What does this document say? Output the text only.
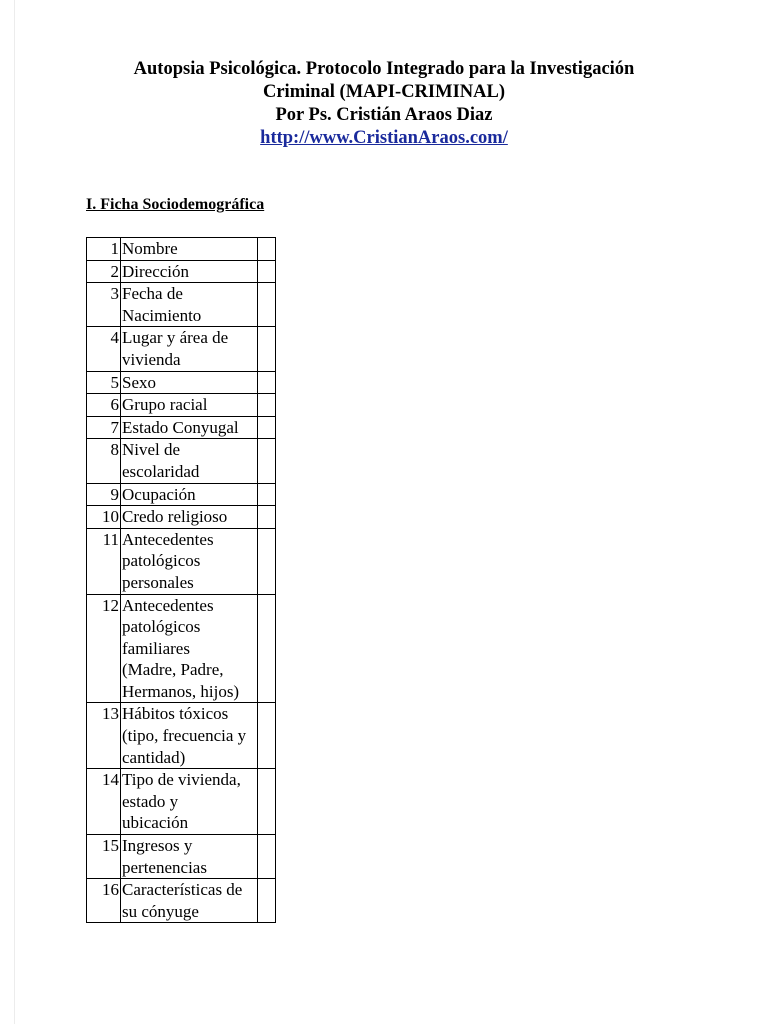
Autopsia Psicológica. Protocolo Integrado para la Investigación
Criminal (MAPI-CRIMINAL)
Por Ps. Cristián Araos Diaz
http://www.CristianAraos.com/
I. Ficha Sociodemográfica
1	Nombre	
2	Dirección	
3	Fecha de
Nacimiento	
4	Lugar y área de
vivienda	
5	Sexo	
6	Grupo racial	
7	Estado Conyugal	
8	Nivel de
escolaridad	
9	Ocupación	
10	Credo religioso	
11	Antecedentes
patológicos
personales	
12	Antecedentes
patológicos
familiares
(Madre, Padre,
Hermanos, hijos)	
13	Hábitos tóxicos
(tipo, frecuencia y
cantidad)	
14	Tipo de vivienda,
estado y
ubicación	
15	Ingresos y
pertenencias	
16	Características de
su cónyuge	
